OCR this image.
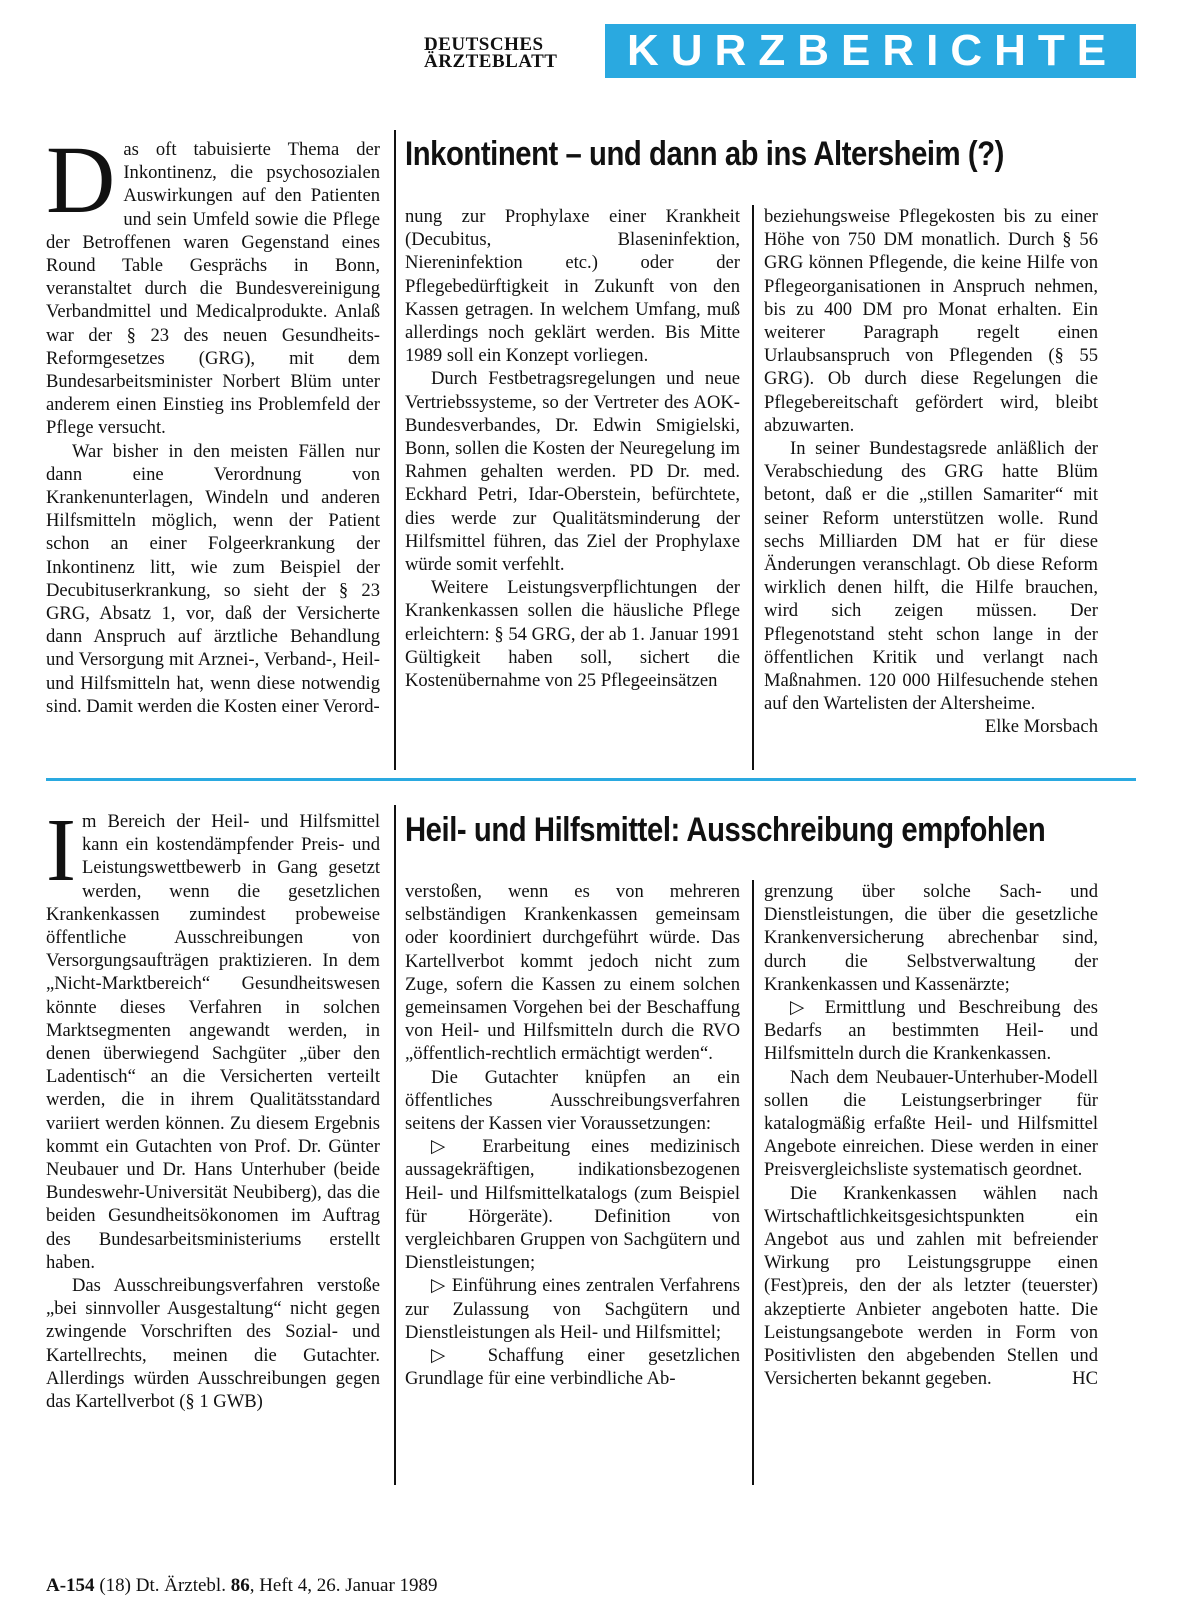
DEUTSCHES
ÄRZTEBLATT	KURZBERICHTE

Das oft tabuisierte Thema der Inkontinenz, die psychosozialen Auswirkungen auf den Patienten und sein Umfeld sowie die Pflege der Betroffenen waren Gegenstand eines Round Table Gesprächs in Bonn, veranstaltet durch die Bundesvereinigung Verbandmittel und Medicalprodukte. Anlaß war der § 23 des neuen Gesundheits-Reformgesetzes (GRG), mit dem Bundesarbeitsminister Norbert Blüm unter anderem einen Einstieg ins Problemfeld der Pflege versucht.

War bisher in den meisten Fällen nur dann eine Verordnung von Krankenunterlagen, Windeln und anderen Hilfsmitteln möglich, wenn der Patient schon an einer Folgeerkrankung der Inkontinenz litt, wie zum Beispiel der Decubituserkrankung, so sieht der § 23 GRG, Absatz 1, vor, daß der Versicherte dann Anspruch auf ärztliche Behandlung und Versorgung mit Arznei-, Verband-, Heil- und Hilfsmitteln hat, wenn diese notwendig sind. Damit werden die Kosten einer Verord-

Inkontinent – und dann ab ins Altersheim (?)

nung zur Prophylaxe einer Krankheit (Decubitus, Blaseninfektion, Niereninfektion etc.) oder der Pflegebedürftigkeit in Zukunft von den Kassen getragen. In welchem Umfang, muß allerdings noch geklärt werden. Bis Mitte 1989 soll ein Konzept vorliegen.

Durch Festbetragsregelungen und neue Vertriebssysteme, so der Vertreter des AOK-Bundesverbandes, Dr. Edwin Smigielski, Bonn, sollen die Kosten der Neuregelung im Rahmen gehalten werden. PD Dr. med. Eckhard Petri, Idar-Oberstein, befürchtete, dies werde zur Qualitätsminderung der Hilfsmittel führen, das Ziel der Prophylaxe würde somit verfehlt.

Weitere Leistungsverpflichtungen der Krankenkassen sollen die häusliche Pflege erleichtern: § 54 GRG, der ab 1. Januar 1991 Gültigkeit haben soll, sichert die Kostenübernahme von 25 Pflegeeinsätzen

beziehungsweise Pflegekosten bis zu einer Höhe von 750 DM monatlich. Durch § 56 GRG können Pflegende, die keine Hilfe von Pflegeorganisationen in Anspruch nehmen, bis zu 400 DM pro Monat erhalten. Ein weiterer Paragraph regelt einen Urlaubsanspruch von Pflegenden (§ 55 GRG). Ob durch diese Regelungen die Pflegebereitschaft gefördert wird, bleibt abzuwarten.

In seiner Bundestagsrede anläßlich der Verabschiedung des GRG hatte Blüm betont, daß er die „stillen Samariter“ mit seiner Reform unterstützen wolle. Rund sechs Milliarden DM hat er für diese Änderungen veranschlagt. Ob diese Reform wirklich denen hilft, die Hilfe brauchen, wird sich zeigen müssen. Der Pflegenotstand steht schon lange in der öffentlichen Kritik und verlangt nach Maßnahmen. 120 000 Hilfesuchende stehen auf den Wartelisten der Altersheime.
Elke Morsbach

Im Bereich der Heil- und Hilfsmittel kann ein kostendämpfender Preis- und Leistungswettbewerb in Gang gesetzt werden, wenn die gesetzlichen Krankenkassen zumindest probeweise öffentliche Ausschreibungen von Versorgungsaufträgen praktizieren. In dem „Nicht-Marktbereich“ Gesundheitswesen könnte dieses Verfahren in solchen Marktsegmenten angewandt werden, in denen überwiegend Sachgüter „über den Ladentisch“ an die Versicherten verteilt werden, die in ihrem Qualitätsstandard variiert werden können. Zu diesem Ergebnis kommt ein Gutachten von Prof. Dr. Günter Neubauer und Dr. Hans Unterhuber (beide Bundeswehr-Universität Neubiberg), das die beiden Gesundheitsökonomen im Auftrag des Bundesarbeitsministeriums erstellt haben.

Das Ausschreibungsverfahren verstoße „bei sinnvoller Ausgestaltung“ nicht gegen zwingende Vorschriften des Sozial- und Kartellrechts, meinen die Gutachter. Allerdings würden Ausschreibungen gegen das Kartellverbot (§ 1 GWB)

Heil- und Hilfsmittel: Ausschreibung empfohlen

verstoßen, wenn es von mehreren selbständigen Krankenkassen gemeinsam oder koordiniert durchgeführt würde. Das Kartellverbot kommt jedoch nicht zum Zuge, sofern die Kassen zu einem solchen gemeinsamen Vorgehen bei der Beschaffung von Heil- und Hilfsmitteln durch die RVO „öffentlich-rechtlich ermächtigt werden“.

Die Gutachter knüpfen an ein öffentliches Ausschreibungsverfahren seitens der Kassen vier Voraussetzungen:

▷ Erarbeitung eines medizinisch aussagekräftigen, indikationsbezogenen Heil- und Hilfsmittelkatalogs (zum Beispiel für Hörgeräte). Definition von vergleichbaren Gruppen von Sachgütern und Dienstleistungen;

▷ Einführung eines zentralen Verfahrens zur Zulassung von Sachgütern und Dienstleistungen als Heil- und Hilfsmittel;

▷ Schaffung einer gesetzlichen Grundlage für eine verbindliche Ab-

grenzung über solche Sach- und Dienstleistungen, die über die gesetzliche Krankenversicherung abrechenbar sind, durch die Selbstverwaltung der Krankenkassen und Kassenärzte;

▷ Ermittlung und Beschreibung des Bedarfs an bestimmten Heil- und Hilfsmitteln durch die Krankenkassen.

Nach dem Neubauer-Unterhuber-Modell sollen die Leistungserbringer für katalogmäßig erfaßte Heil- und Hilfsmittel Angebote einreichen. Diese werden in einer Preisvergleichsliste systematisch geordnet.

Die Krankenkassen wählen nach Wirtschaftlichkeitsgesichtspunkten ein Angebot aus und zahlen mit befreiender Wirkung pro Leistungsgruppe einen (Fest)preis, den der als letzter (teuerster) akzeptierte Anbieter angeboten hatte. Die Leistungsangebote werden in Form von Positivlisten den abgebenden Stellen und Versicherten bekannt gegeben.	HC

A-154 (18) Dt. Ärztebl. 86, Heft 4, 26. Januar 1989
